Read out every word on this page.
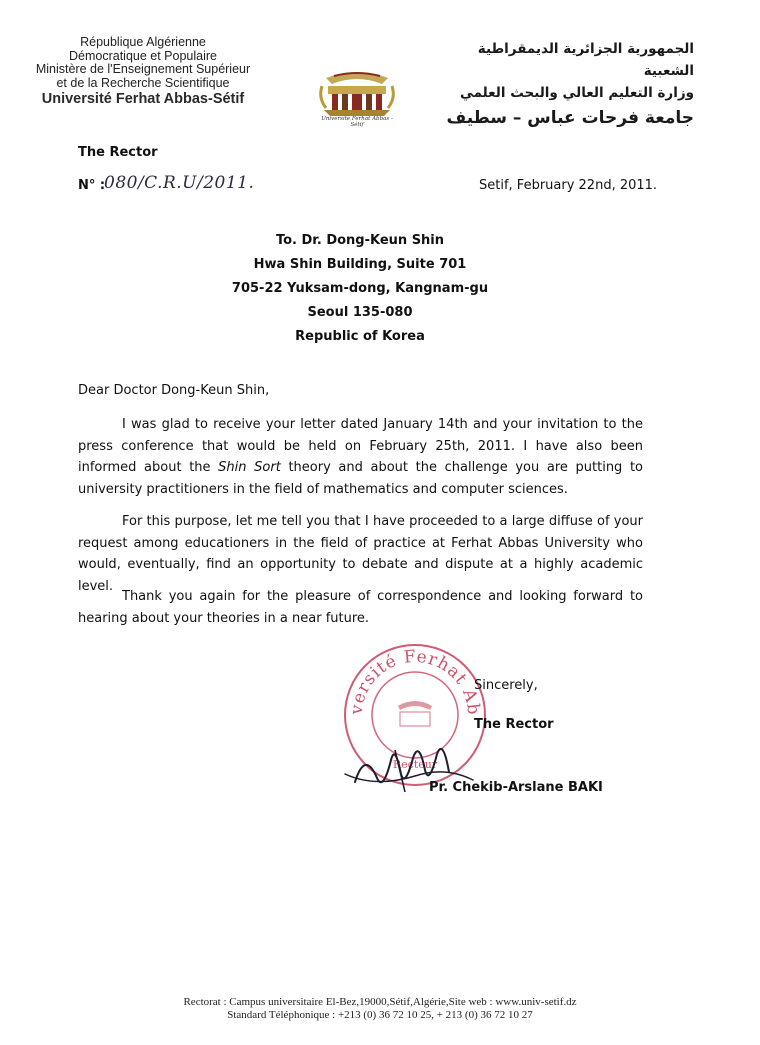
République Algérienne
Démocratique et Populaire
Ministère de l'Enseignement Supérieur
et de la Recherche Scientifique
Université Ferhat Abbas-Sétif
الجمهورية الجزائرية الديمقراطية الشعبية
وزارة التعليم العالي والبحث العلمي
جامعة فرحات عباس – سطيف
Université Ferhat Abbas - Sétif
The Rector
N° :
080/C.R.U/2011.	Setif, February 22nd, 2011.
To. Dr. Dong-Keun Shin
Hwa Shin Building, Suite 701
705-22 Yuksam-dong, Kangnam-gu
Seoul 135-080
Republic of Korea
Dear Doctor Dong-Keun Shin,
I was glad to receive your letter dated January 14th and your invitation to the press conference that would be held on February 25th, 2011. I have also been informed about the Shin Sort theory and about the challenge you are putting to university practitioners in the field of mathematics and computer sciences.
For this purpose, let me tell you that I have proceeded to a large diffuse of your request among educationers in the field of practice at Ferhat Abbas University who would, eventually, find an opportunity to debate and dispute at a highly academic level.
Thank you again for the pleasure of correspondence and looking forward to hearing about your theories in a near future.
versité Ferhat Ab
Recteur
Sincerely,
The Rector
Pr. Chekib-Arslane BAKI
Rectorat : Campus universitaire El-Bez,19000,Sétif,Algérie,Site web : www.univ-setif.dz
Standard Téléphonique : +213 (0) 36 72 10 25, + 213 (0) 36 72 10 27
